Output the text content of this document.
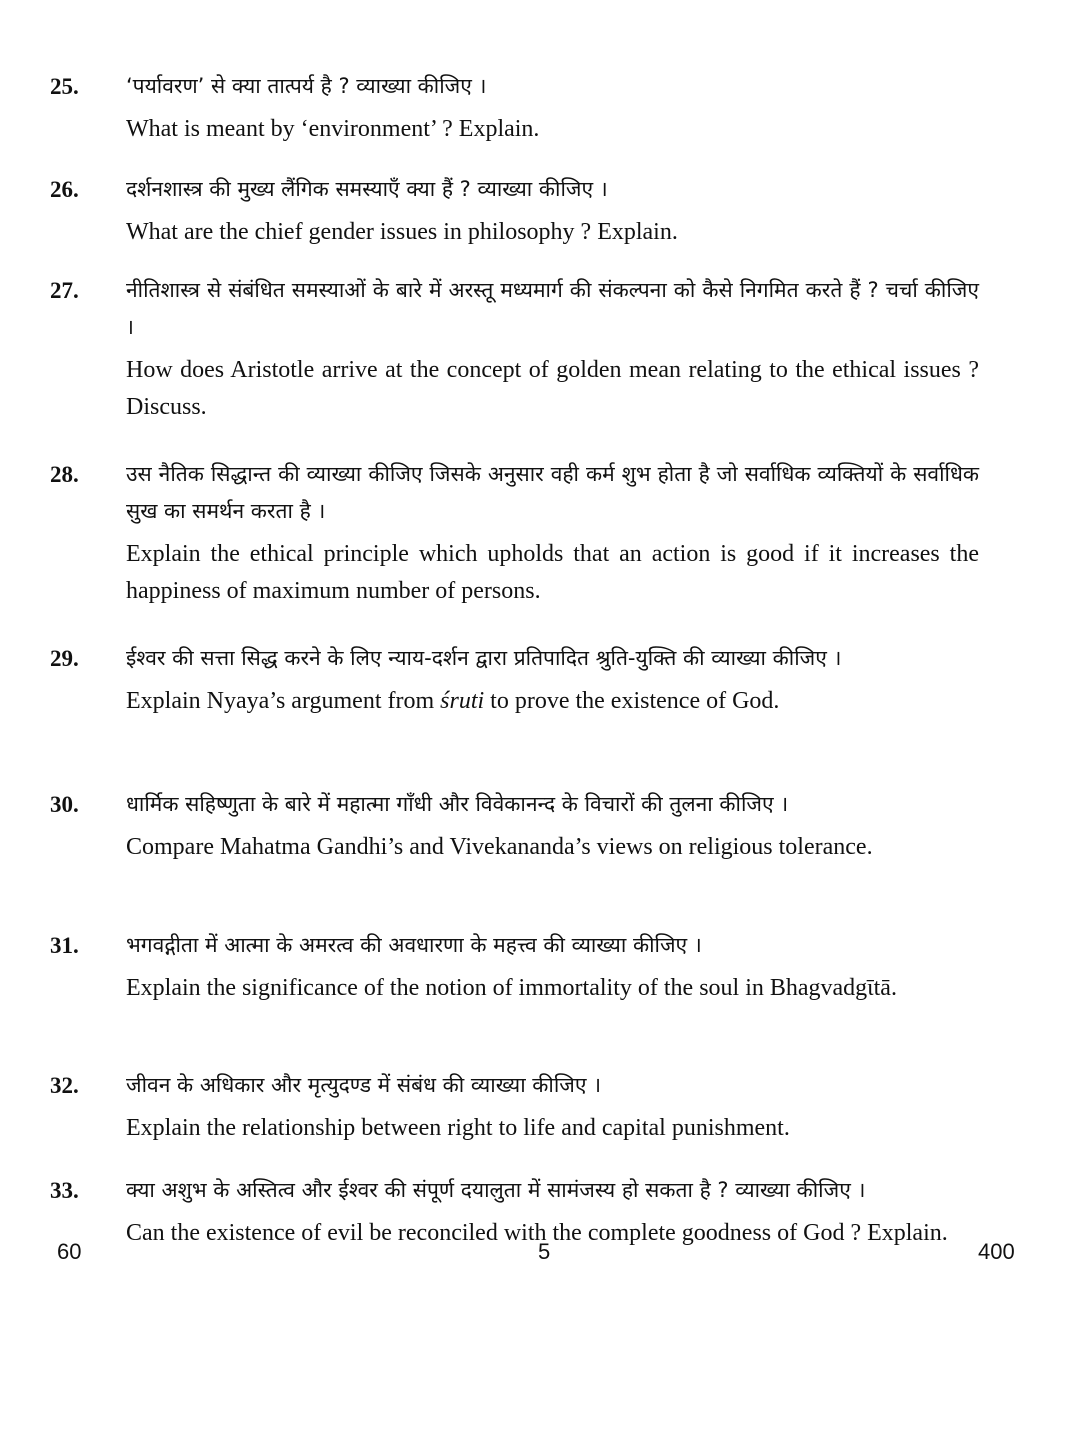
25. ‘पर्यावरण’ से क्या तात्पर्य है ? व्याख्या कीजिए ।

What is meant by ‘environment’ ? Explain.

26. दर्शनशास्त्र की मुख्य लैंगिक समस्याएँ क्या हैं ? व्याख्या कीजिए ।

What are the chief gender issues in philosophy ? Explain.

27. नीतिशास्त्र से संबंधित समस्याओं के बारे में अरस्तू मध्यमार्ग की संकल्पना को कैसे निगमित करते हैं ? चर्चा कीजिए ।

How does Aristotle arrive at the concept of golden mean relating to the ethical issues ? Discuss.

28. उस नैतिक सिद्धान्त की व्याख्या कीजिए जिसके अनुसार वही कर्म शुभ होता है जो सर्वाधिक व्यक्तियों के सर्वाधिक सुख का समर्थन करता है ।

Explain the ethical principle which upholds that an action is good if it increases the happiness of maximum number of persons.

29. ईश्वर की सत्ता सिद्ध करने के लिए न्याय-दर्शन द्वारा प्रतिपादित श्रुति-युक्ति की व्याख्या कीजिए ।

Explain Nyaya’s argument from śruti to prove the existence of God.

30. धार्मिक सहिष्णुता के बारे में महात्मा गाँधी और विवेकानन्द के विचारों की तुलना कीजिए ।

Compare Mahatma Gandhi’s and Vivekananda’s views on religious tolerance.

31. भगवद्गीता में आत्मा के अमरत्व की अवधारणा के महत्त्व की व्याख्या कीजिए ।

Explain the significance of the notion of immortality of the soul in Bhagvadgῑtā.

32. जीवन के अधिकार और मृत्युदण्ड में संबंध की व्याख्या कीजिए ।

Explain the relationship between right to life and capital punishment.

33. क्या अशुभ के अस्तित्व और ईश्वर की संपूर्ण दयालुता में सामंजस्य हो सकता है ? व्याख्या कीजिए ।

Can the existence of evil be reconciled with the complete goodness of God ? Explain.

60	5	400
